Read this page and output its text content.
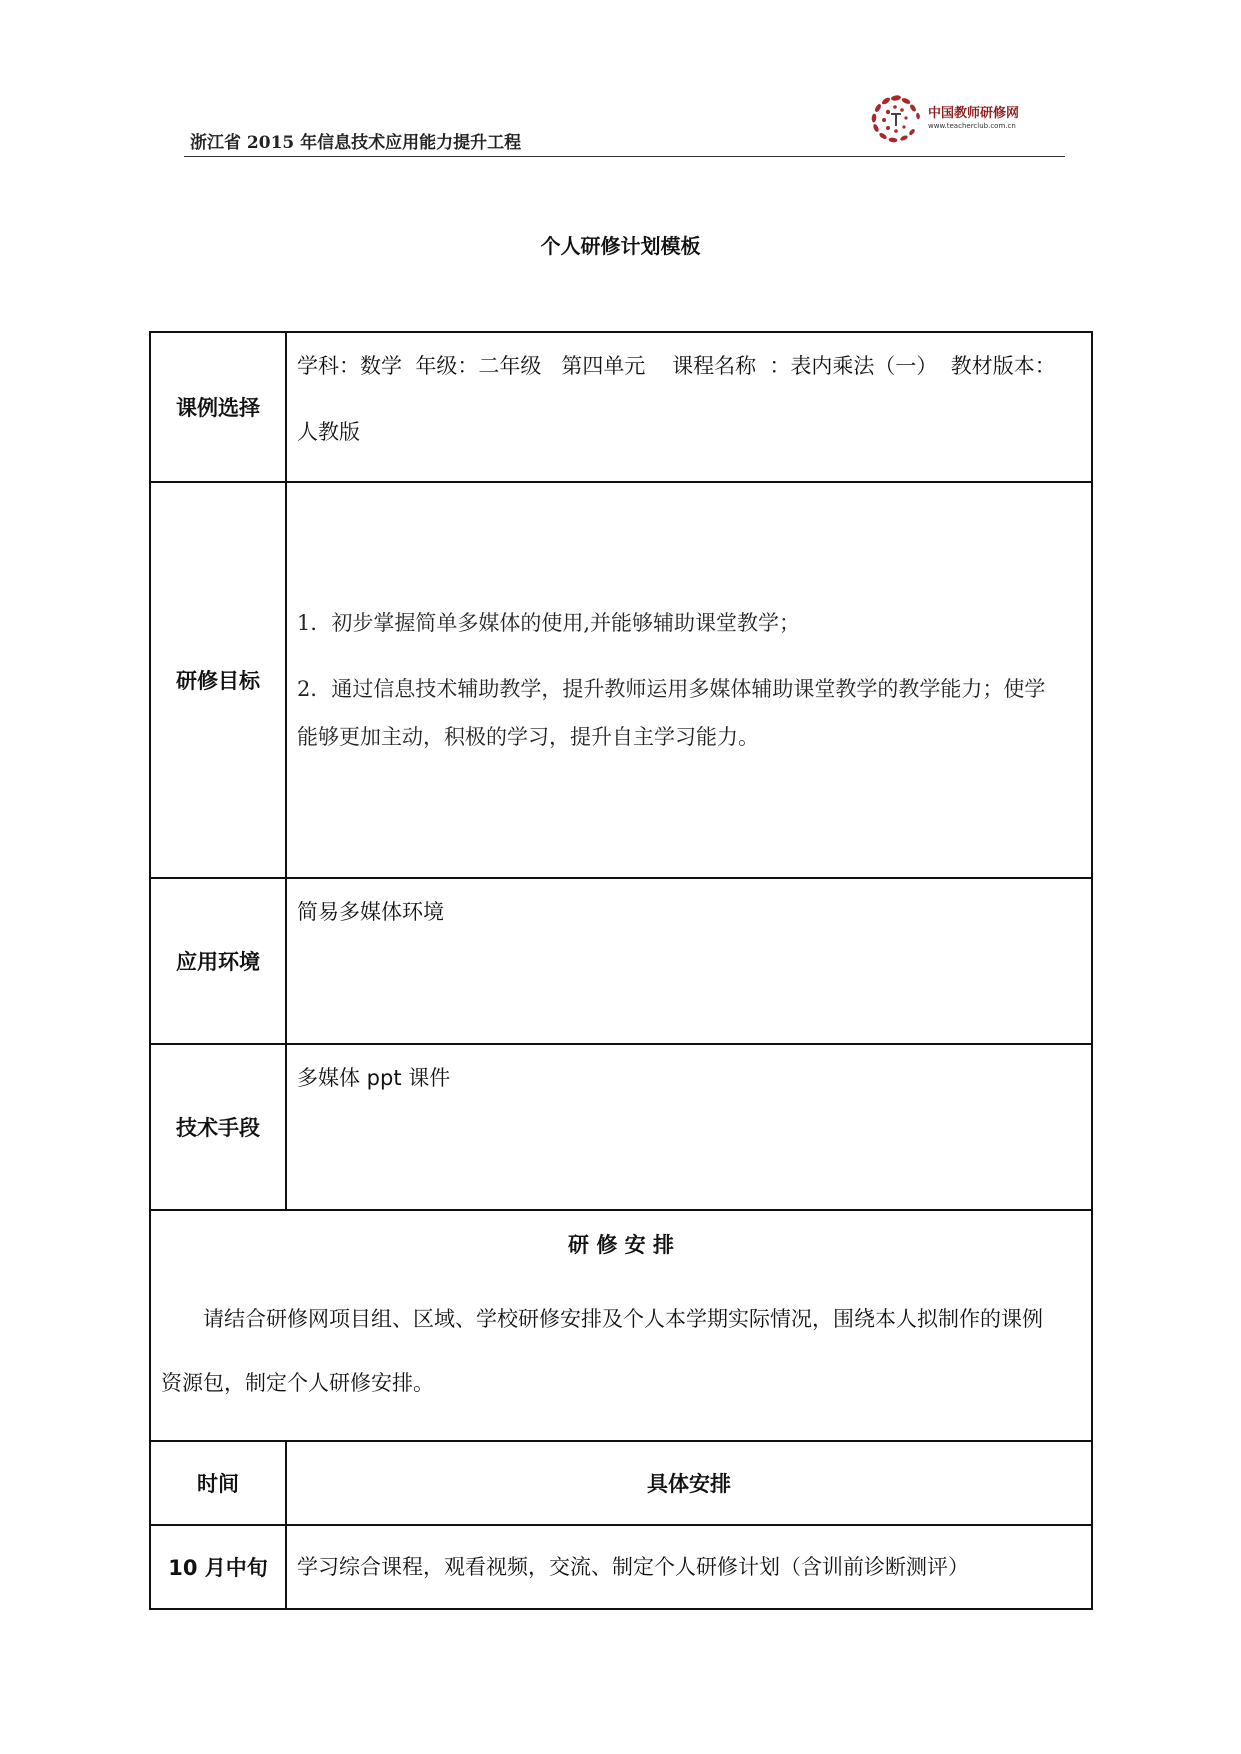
浙江省 2015 年信息技术应用能力提升工程
中国教师研修网
www.teacherclub.com.cn
个人研修计划模板
课例选择	学科：数学  年级：二年级   第四单元    课程名称  ：表内乘法（一）  教材版本：
人教版

研修目标	1．初步掌握简单多媒体的使用,并能够辅助课堂教学；
2．通过信息技术辅助教学，提升教师运用多媒体辅助课堂教学的教学能力；使学
能够更加主动，积极的学习，提升自主学习能力。

应用环境	简易多媒体环境
技术手段	多媒体 ppt 课件

研 修 安 排
请结合研修网项目组、区域、学校研修安排及个人本学期实际情况，围绕本人拟制作的课例
资源包，制定个人研修安排。	

时间	具体安排
10 月中旬	学习综合课程，观看视频，交流、制定个人研修计划（含训前诊断测评）
